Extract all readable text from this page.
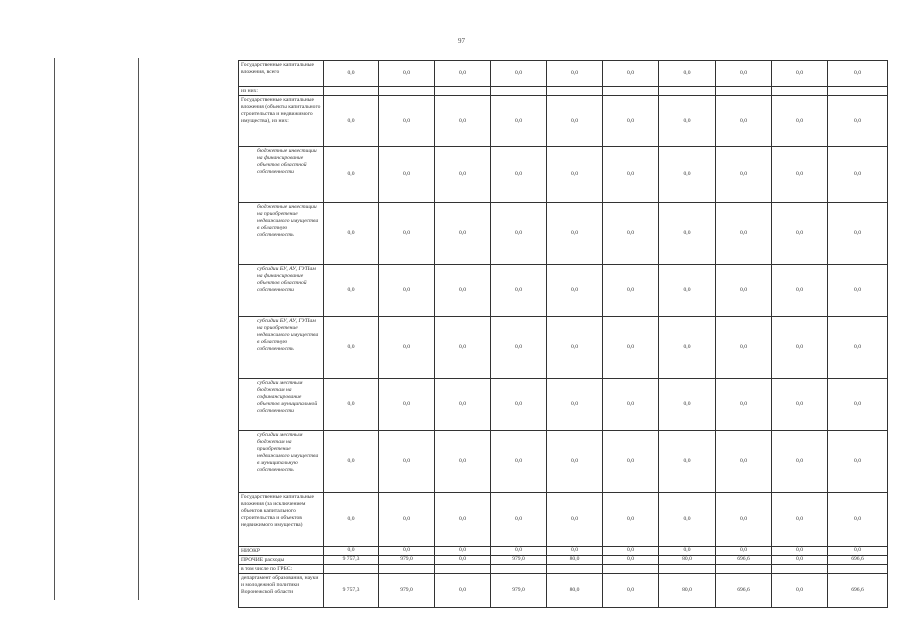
97
Государственные капитальные вложения, всего	0,0	0,0	0,0	0,0	0,0	0,0	0,0	0,0	0,0	0,0
из них:										
Государственные капитальные вложения (объекты капитального строительства и недвижимого имущества), из них:	0,0	0,0	0,0	0,0	0,0	0,0	0,0	0,0	0,0	0,0
бюджетные инвестиции на финансирование объектов областной собственности	0,0	0,0	0,0	0,0	0,0	0,0	0,0	0,0	0,0	0,0
бюджетные инвестиции на приобретение недвижимого имущества в областную собственность	0,0	0,0	0,0	0,0	0,0	0,0	0,0	0,0	0,0	0,0
субсидии БУ, АУ, ГУПам на финансирование объектов областной собственности	0,0	0,0	0,0	0,0	0,0	0,0	0,0	0,0	0,0	0,0
субсидии БУ, АУ, ГУПам на приобретение недвижимого имущества в областную собственность	0,0	0,0	0,0	0,0	0,0	0,0	0,0	0,0	0,0	0,0
субсидии местным бюджетам на софинансирование объектов муниципальной собственности	0,0	0,0	0,0	0,0	0,0	0,0	0,0	0,0	0,0	0,0
субсидии местным бюджетам на приобретение недвижимого имущества в муниципальную собственность	0,0	0,0	0,0	0,0	0,0	0,0	0,0	0,0	0,0	0,0
Государственные капитальные вложения (за исключением объектов капитального строительства и объектов недвижимого имущества)	0,0	0,0	0,0	0,0	0,0	0,0	0,0	0,0	0,0	0,0
НИОКР	0,0	0,0	0,0	0,0	0,0	0,0	0,0	0,0	0,0	0,0
ПРОЧИЕ расходы	9 757,3	979,0	0,0	979,0	80,0	0,0	80,0	696,6	0,0	696,6
в том числе по ГРБС:										
департамент образования, науки и молодежной политики Воронежской области	9 757,3	979,0	0,0	979,0	80,0	0,0	80,0	696,6	0,0	696,6
